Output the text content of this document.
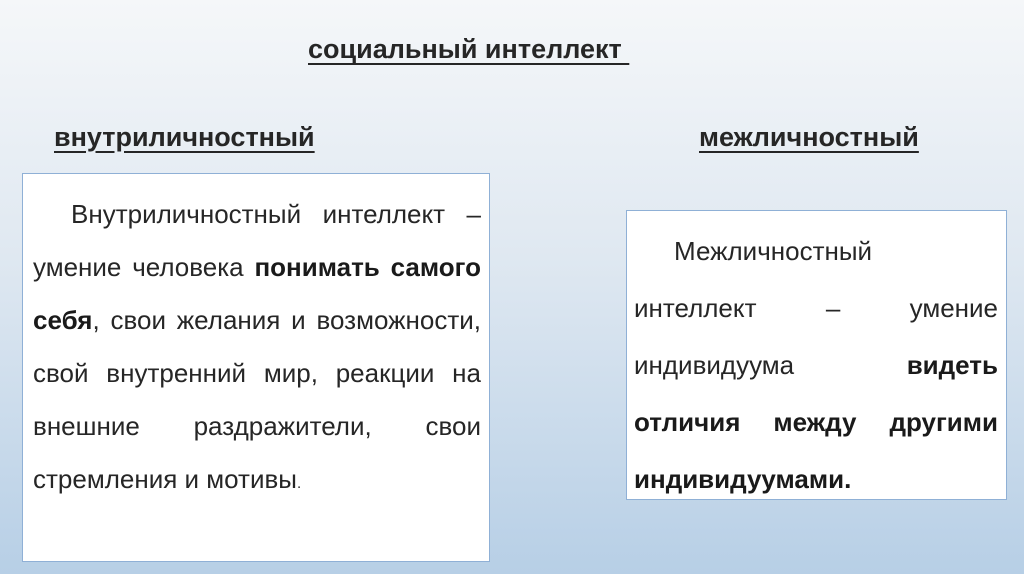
социальный интеллект
внутриличностный	межличностный
Внутриличностный интеллект – умение человека понимать самого себя, свои желания и возможности, свой внутренний мир, реакции на внешние раздражители, свои стремления и мотивы.
Межличностный интеллект – умение индивидуума видеть отличия между другими индивидуумами.
